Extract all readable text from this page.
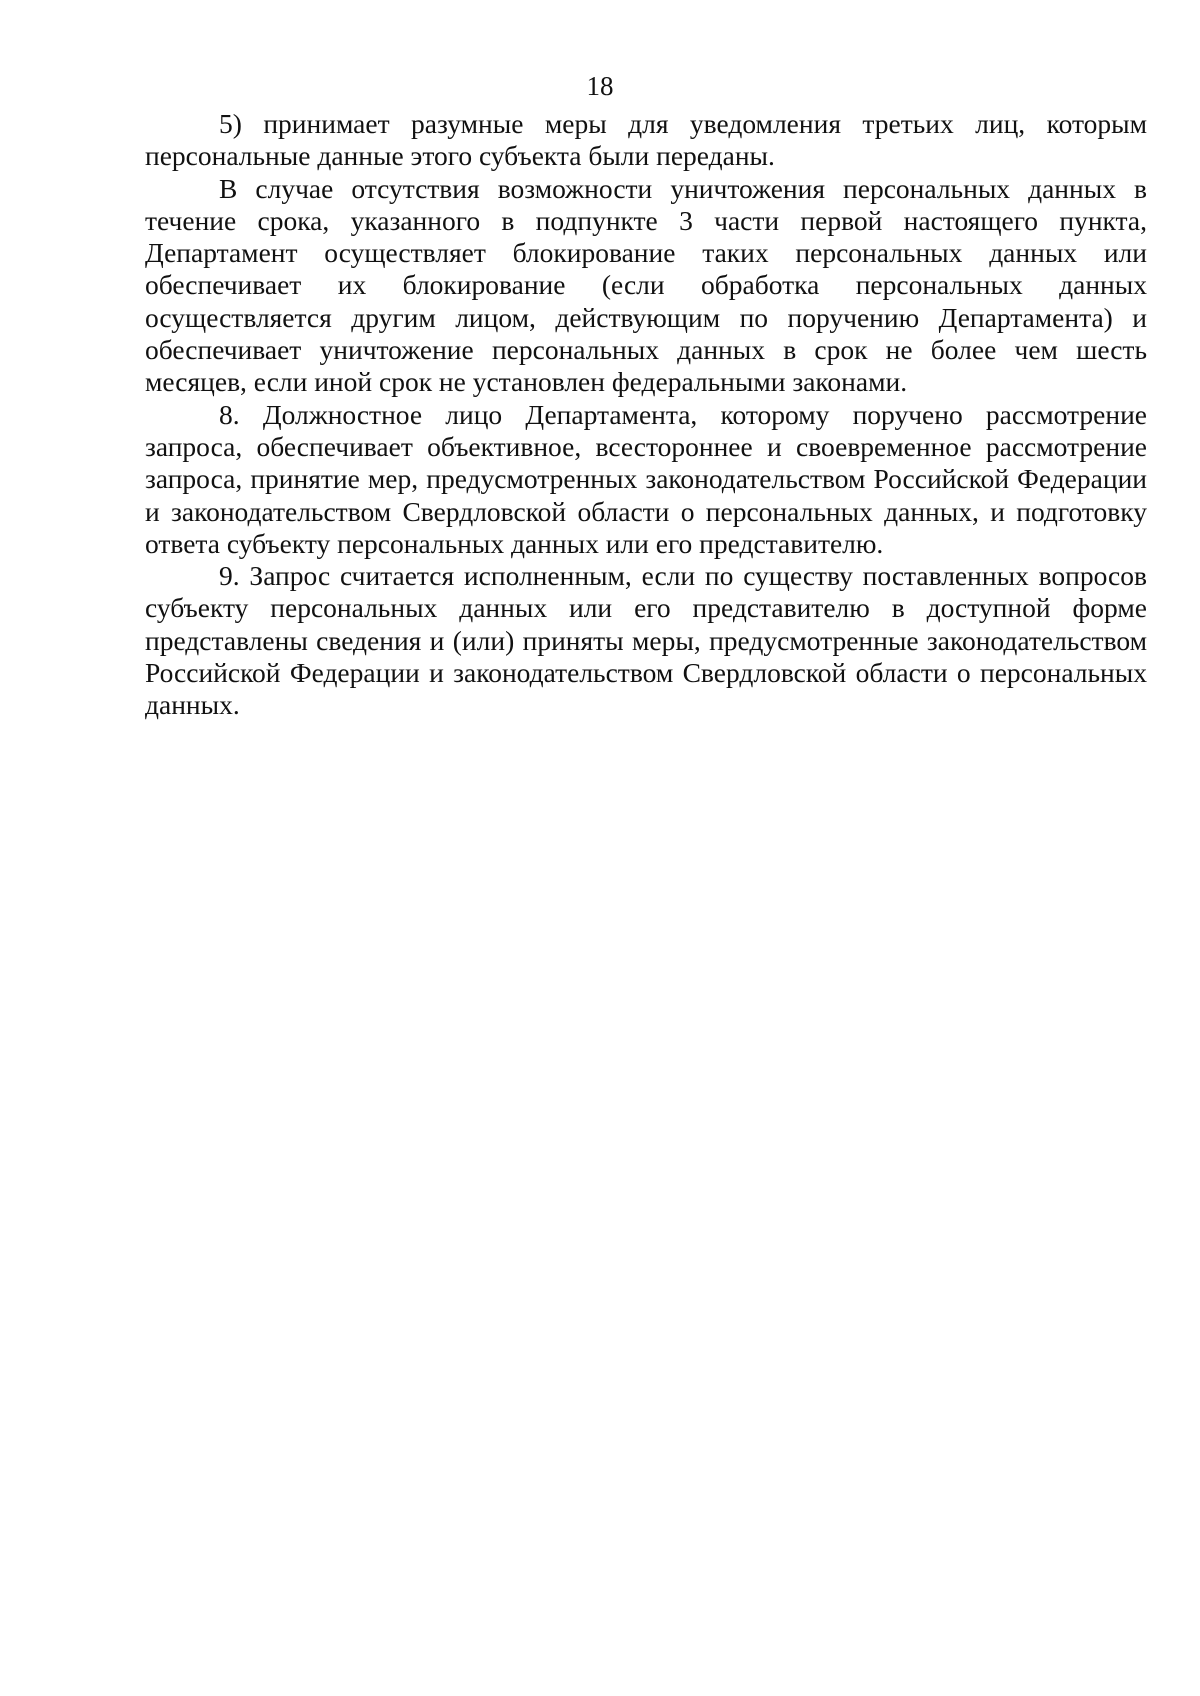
18

5) принимает разумные меры для уведомления третьих лиц, которым персональные данные этого субъекта были переданы.

В случае отсутствия возможности уничтожения персональных данных в течение срока, указанного в подпункте 3 части первой настоящего пункта, Департамент осуществляет блокирование таких персональных данных или обеспечивает их блокирование (если обработка персональных данных осуществляется другим лицом, действующим по поручению Департамента) и обеспечивает уничтожение персональных данных в срок не более чем шесть месяцев, если иной срок не установлен федеральными законами.

8. Должностное лицо Департамента, которому поручено рассмотрение запроса, обеспечивает объективное, всестороннее и своевременное рассмотрение запроса, принятие мер, предусмотренных законодательством Российской Федерации и законодательством Свердловской области о персональных данных, и подготовку ответа субъекту персональных данных или его представителю.

9. Запрос считается исполненным, если по существу поставленных вопросов субъекту персональных данных или его представителю в доступной форме представлены сведения и (или) приняты меры, предусмотренные законодательством Российской Федерации и законодательством Свердловской области о персональных данных.
